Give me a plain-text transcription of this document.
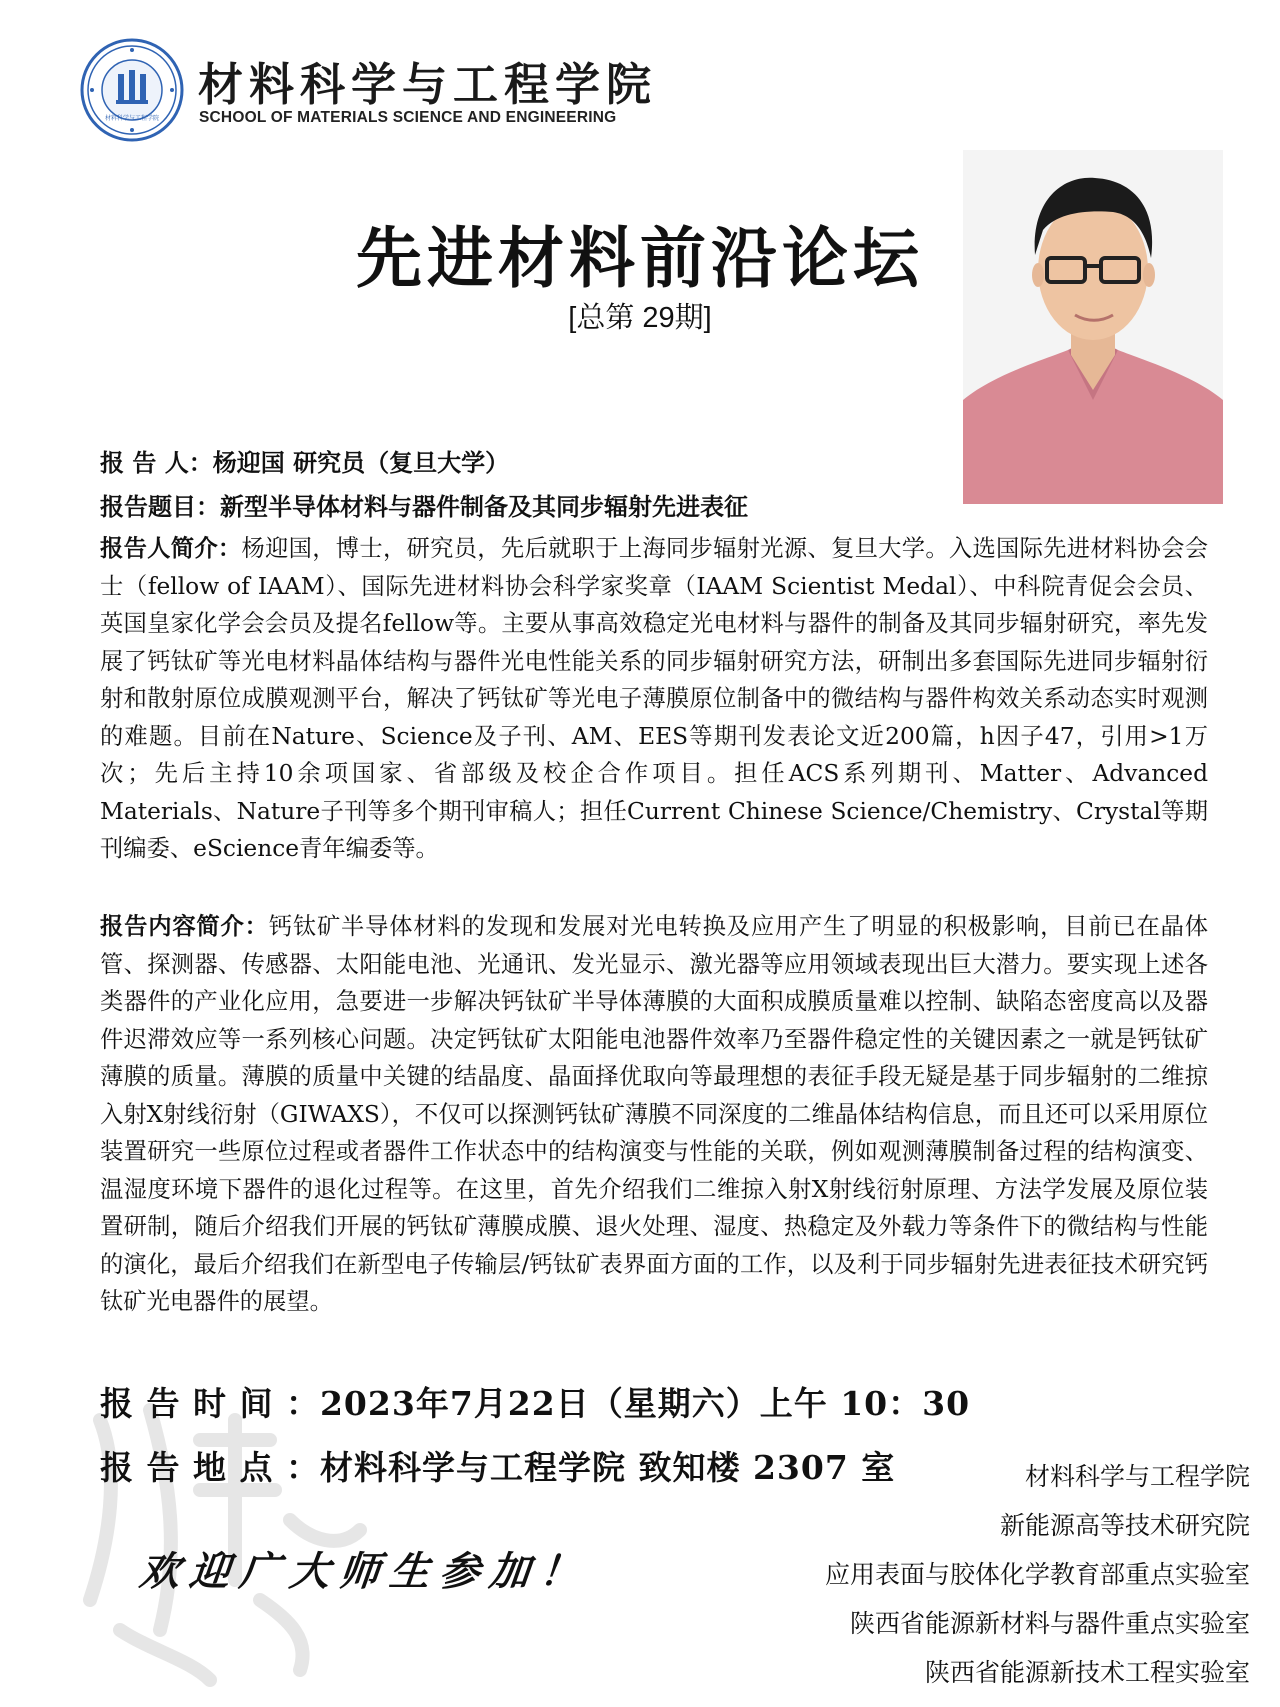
材料科学与工程学院
材料科学与工程学院
SCHOOL OF MATERIALS SCIENCE AND ENGINEERING
先进材料前沿论坛
[总第 29期]
报 告 人：杨迎国 研究员（复旦大学）
报告题目：新型半导体材料与器件制备及其同步辐射先进表征
报告人简介：杨迎国，博士，研究员，先后就职于上海同步辐射光源、复旦大学。入选国际先进材料协会会士（fellow of IAAM）、国际先进材料协会科学家奖章（IAAM Scientist Medal）、中科院青促会会员、英国皇家化学会会员及提名fellow等。主要从事高效稳定光电材料与器件的制备及其同步辐射研究，率先发展了钙钛矿等光电材料晶体结构与器件光电性能关系的同步辐射研究方法，研制出多套国际先进同步辐射衍射和散射原位成膜观测平台，解决了钙钛矿等光电子薄膜原位制备中的微结构与器件构效关系动态实时观测的难题。目前在Nature、Science及子刊、AM、EES等期刊发表论文近200篇，h因子47，引用>1万次；先后主持10余项国家、省部级及校企合作项目。担任ACS系列期刊、Matter、Advanced Materials、Nature子刊等多个期刊审稿人；担任Current Chinese Science/Chemistry、Crystal等期刊编委、eScience青年编委等。
报告内容简介：钙钛矿半导体材料的发现和发展对光电转换及应用产生了明显的积极影响，目前已在晶体管、探测器、传感器、太阳能电池、光通讯、发光显示、激光器等应用领域表现出巨大潜力。要实现上述各类器件的产业化应用，急要进一步解决钙钛矿半导体薄膜的大面积成膜质量难以控制、缺陷态密度高以及器件迟滞效应等一系列核心问题。决定钙钛矿太阳能电池器件效率乃至器件稳定性的关键因素之一就是钙钛矿薄膜的质量。薄膜的质量中关键的结晶度、晶面择优取向等最理想的表征手段无疑是基于同步辐射的二维掠入射X射线衍射（GIWAXS），不仅可以探测钙钛矿薄膜不同深度的二维晶体结构信息，而且还可以采用原位装置研究一些原位过程或者器件工作状态中的结构演变与性能的关联，例如观测薄膜制备过程的结构演变、温湿度环境下器件的退化过程等。在这里，首先介绍我们二维掠入射X射线衍射原理、方法学发展及原位装置研制，随后介绍我们开展的钙钛矿薄膜成膜、退火处理、湿度、热稳定及外载力等条件下的微结构与性能的演化，最后介绍我们在新型电子传输层/钙钛矿表界面方面的工作，以及利于同步辐射先进表征技术研究钙钛矿光电器件的展望。
报 告 时 间 ：2023年7月22日（星期六）上午 10：30
报 告 地 点 ：材料科学与工程学院 致知楼 2307 室
欢迎广大师生参加！
材料科学与工程学院
新能源高等技术研究院
应用表面与胶体化学教育部重点实验室
陕西省能源新材料与器件重点实验室
陕西省能源新技术工程实验室
